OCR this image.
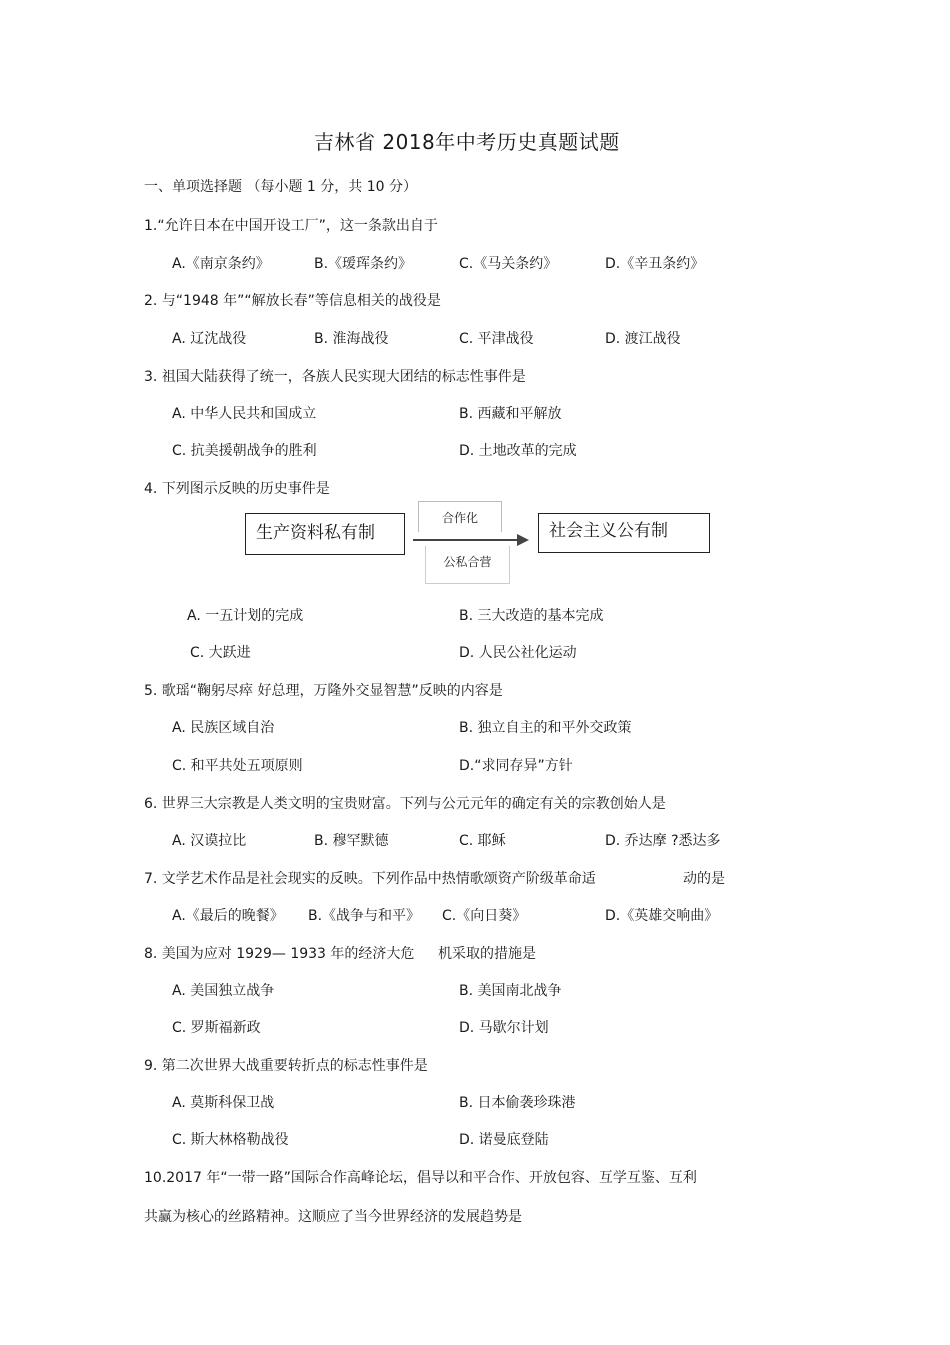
吉林省 2018年中考历史真题试题
一、单项选择题 （每小题 1 分，共 10 分）
1.“允许日本在中国开设工厂”，这一条款出自于
A.《南京条约》	B.《瑷珲条约》	C.《马关条约》	D.《辛丑条约》
2. 与“1948 年”“解放长春”等信息相关的战役是
A. 辽沈战役	B. 淮海战役	C. 平津战役	D. 渡江战役
3. 祖国大陆获得了统一，各族人民实现大团结的标志性事件是
A. 中华人民共和国成立	B. 西藏和平解放
C. 抗美援朝战争的胜利	D. 土地改革的完成
4. 下列图示反映的历史事件是
生产资料私有制
合作化
公私合营
社会主义公有制
A. 一五计划的完成	B. 三大改造的基本完成
C. 大跃进	D. 人民公社化运动
5. 歌瑶“鞠躬尽瘁 好总理，万隆外交显智慧”反映的内容是
A. 民族区域自治	B. 独立自主的和平外交政策
C. 和平共处五项原则	D.“求同存异”方针
6. 世界三大宗教是人类文明的宝贵财富。下列与公元元年的确定有关的宗教创始人是
A. 汉谟拉比	B. 穆罕默德	C. 耶稣	D. 乔达摩 ?悉达多
7. 文学艺术作品是社会现实的反映。下列作品中热情歌颂资产阶级革命适	动的是
A.《最后的晚餐》 B.《战争与和平》 C.《向日葵》	D.《英雄交响曲》
8. 美国为应对 1929— 1933 年的经济大危 机采取的措施是
A. 美国独立战争	B. 美国南北战争
C. 罗斯福新政	D. 马歇尔计划
9. 第二次世界大战重要转折点的标志性事件是
A. 莫斯科保卫战	B. 日本偷袭珍珠港
C. 斯大林格勒战役	D. 诺曼底登陆
10.2017 年“一带一路”国际合作高峰论坛，倡导以和平合作、开放包容、互学互鉴、互利
共赢为核心的丝路精神。这顺应了当今世界经济的发展趋势是
